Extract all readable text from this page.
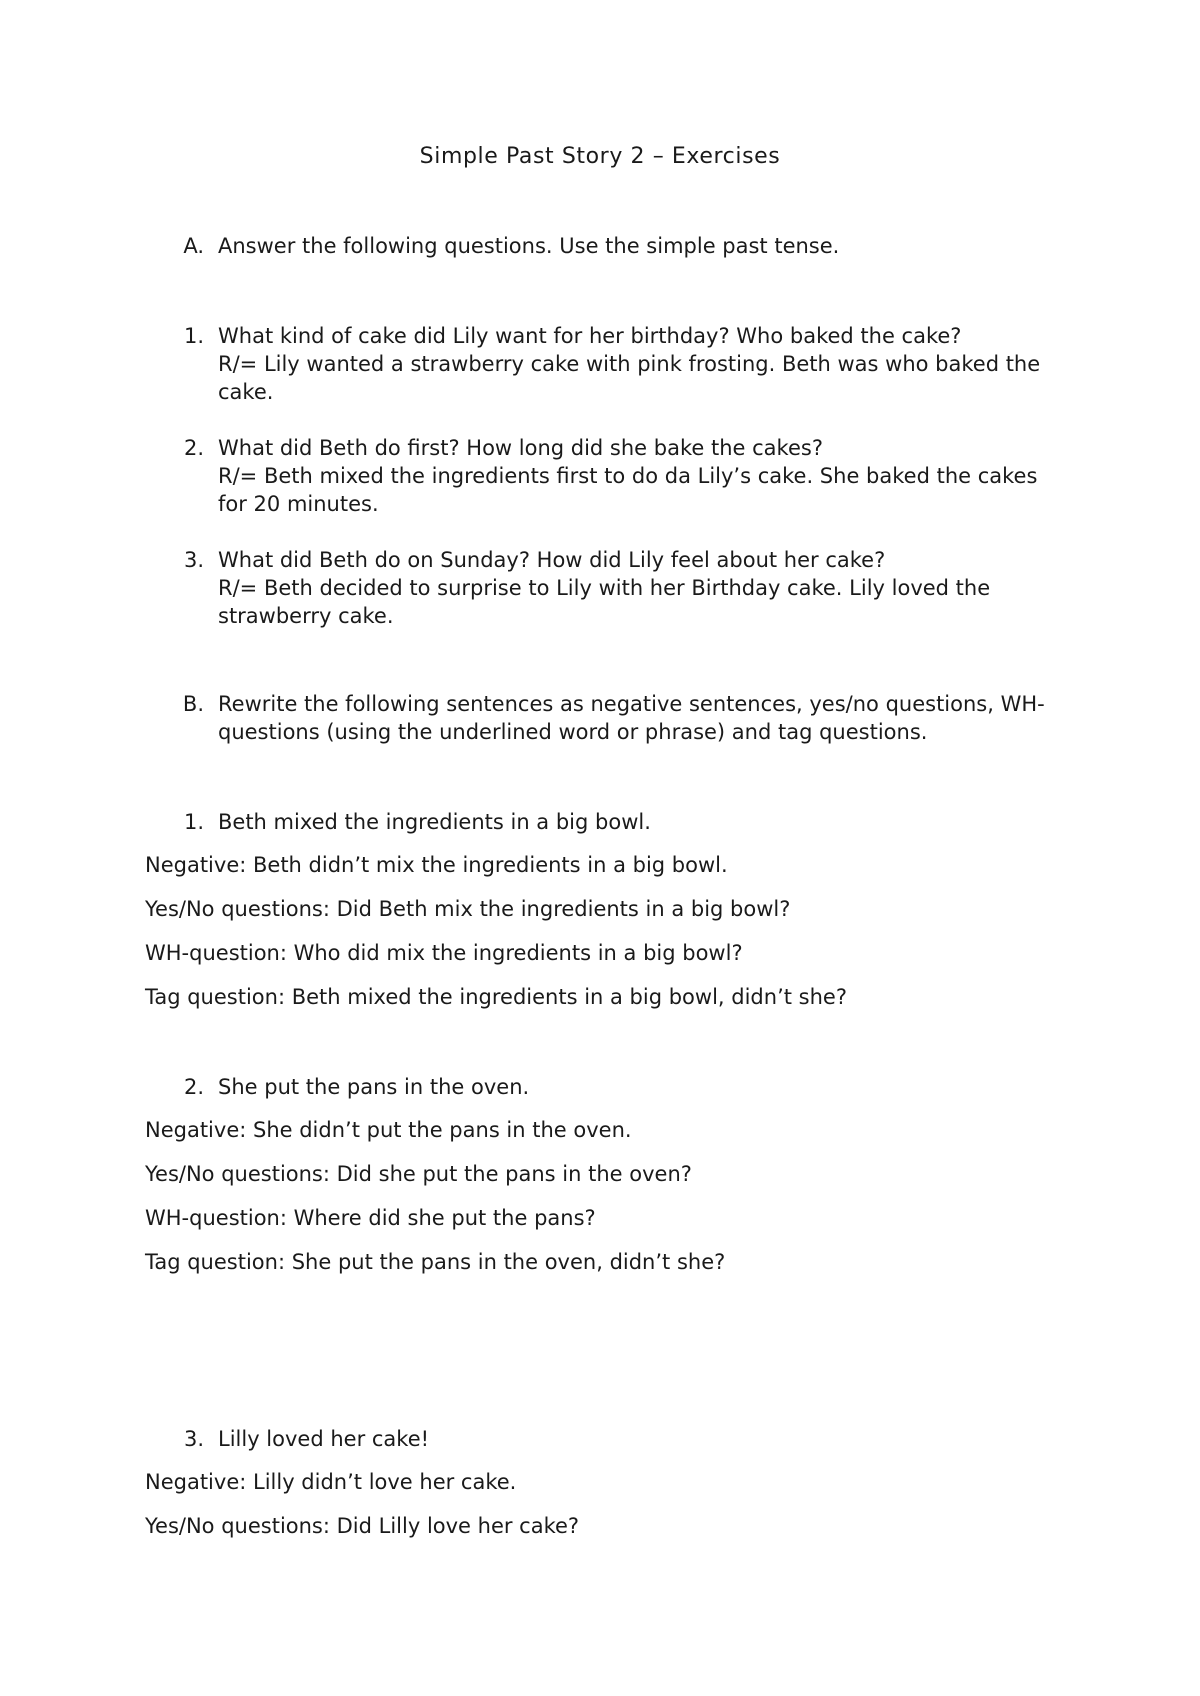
Simple Past Story 2 – Exercises
A. Answer the following questions. Use the simple past tense.
1. What kind of cake did Lily want for her birthday? Who baked the cake?
R/= Lily wanted a strawberry cake with pink frosting. Beth was who baked the cake.
2. What did Beth do first? How long did she bake the cakes?
R/= Beth mixed the ingredients first to do da Lily’s cake. She baked the cakes for 20 minutes.
3. What did Beth do on Sunday? How did Lily feel about her cake?
R/= Beth decided to surprise to Lily with her Birthday cake. Lily loved the strawberry cake.
B. Rewrite the following sentences as negative sentences, yes/no questions, WH-questions (using the underlined word or phrase) and tag questions.
1. Beth mixed the ingredients in a big bowl.
Negative: Beth didn’t mix the ingredients in a big bowl.
Yes/No questions: Did Beth mix the ingredients in a big bowl?
WH-question: Who did mix the ingredients in a big bowl?
Tag question: Beth mixed the ingredients in a big bowl, didn’t she?
2. She put the pans in the oven.
Negative: She didn’t put the pans in the oven.
Yes/No questions: Did she put the pans in the oven?
WH-question: Where did she put the pans?
Tag question: She put the pans in the oven, didn’t she?
3. Lilly loved her cake!
Negative: Lilly didn’t love her cake.
Yes/No questions: Did Lilly love her cake?
